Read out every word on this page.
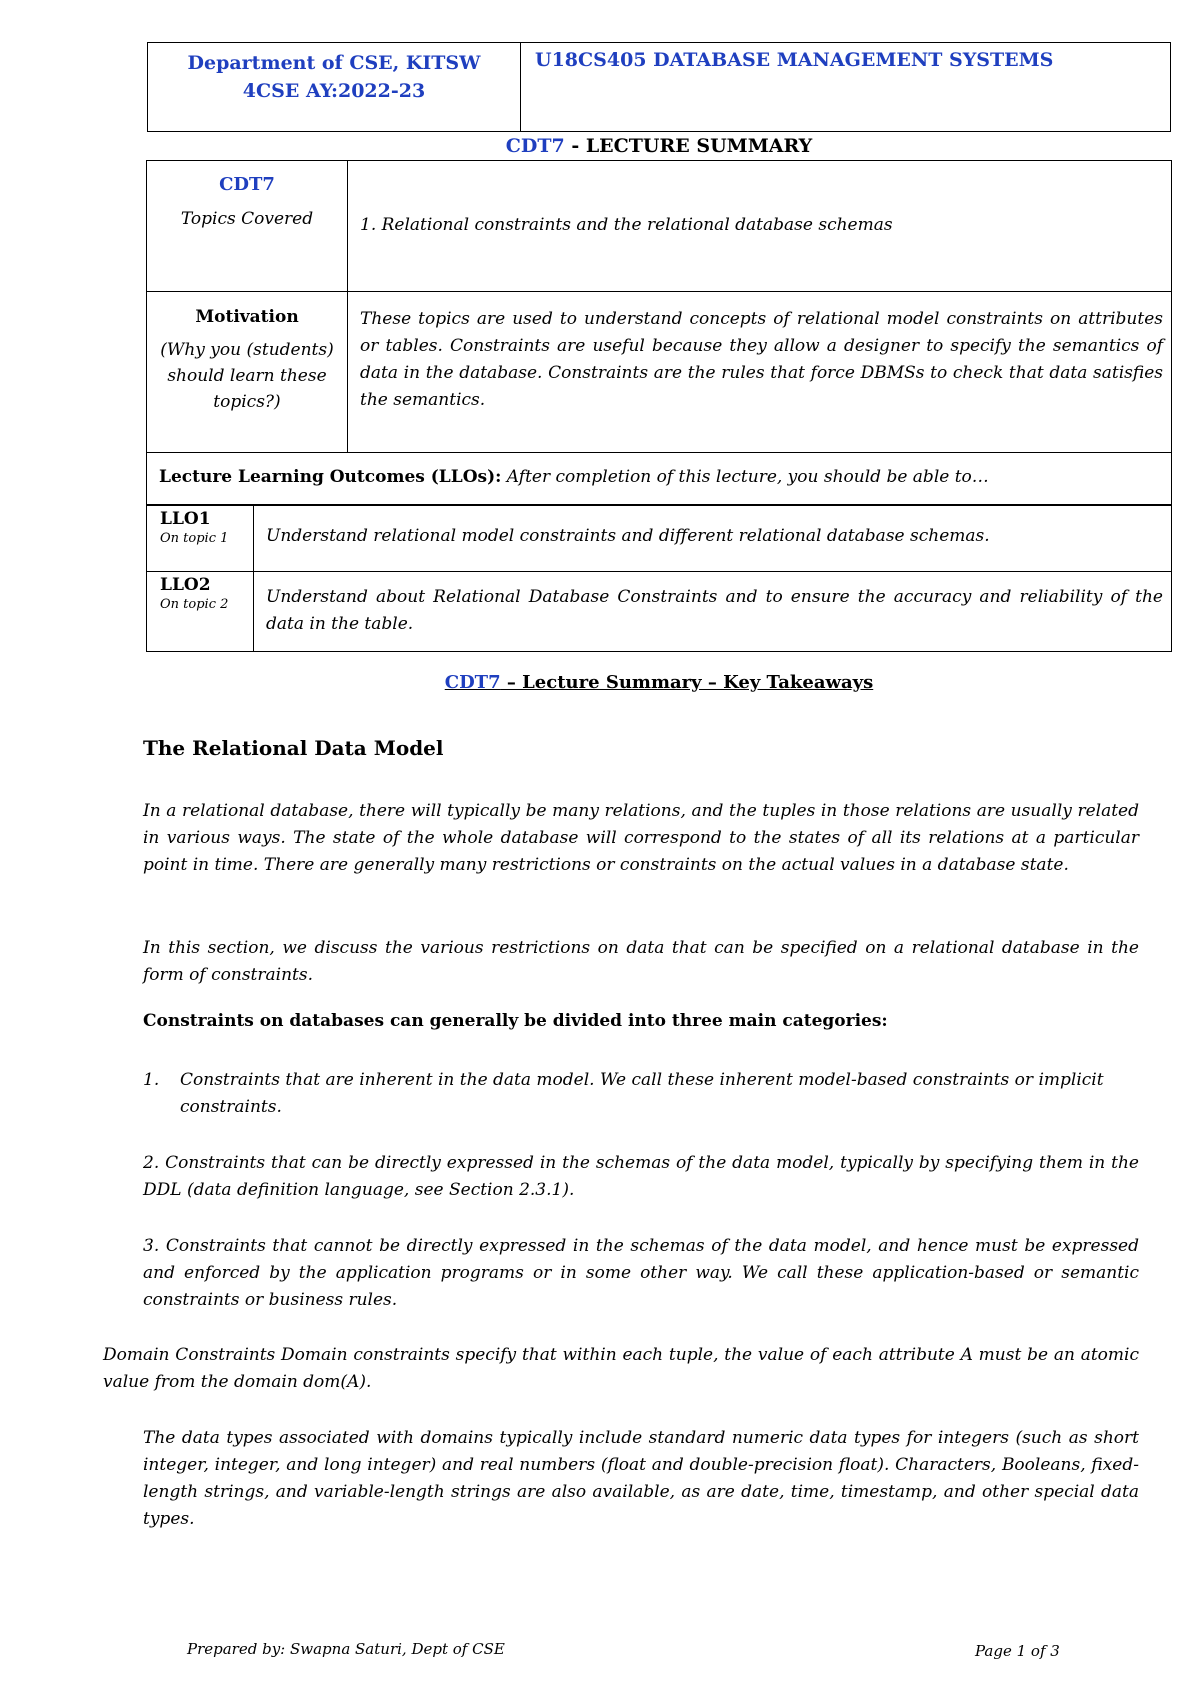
Department of CSE, KITSW
4CSE AY:2022-23
U18CS405 DATABASE MANAGEMENT SYSTEMS
CDT7 - LECTURE SUMMARY
CDT7
Topics Covered	1. Relational constraints and the relational database schemas

Motivation
(Why you (students) should learn these topics?)	These topics are used to understand concepts of relational model constraints on attributes or tables. Constraints are useful because they allow a designer to specify the semantics of data in the database. Constraints are the rules that force DBMSs to check that data satisfies the semantics.
Lecture Learning Outcomes (LLOs): After completion of this lecture, you should be able to…	
LLO1
On topic 1	Understand relational model constraints and different relational database schemas.

LLO2
On topic 2	Understand about Relational Database Constraints and to ensure the accuracy and reliability of the data in the table.
CDT7 – Lecture Summary – Key Takeaways
The Relational Data Model
In a relational database, there will typically be many relations, and the tuples in those relations are usually related in various ways. The state of the whole database will correspond to the states of all its relations at a particular point in time. There are generally many restrictions or constraints on the actual values in a database state.
In this section, we discuss the various restrictions on data that can be specified on a relational database in the form of constraints.
Constraints on databases can generally be divided into three main categories:
1.	Constraints that are inherent in the data model. We call these inherent model-based constraints or implicit constraints.
2. Constraints that can be directly expressed in the schemas of the data model, typically by specifying them in the DDL (data definition language, see Section 2.3.1).
3. Constraints that cannot be directly expressed in the schemas of the data model, and hence must be expressed and enforced by the application programs or in some other way. We call these application-based or semantic constraints or business rules.
Domain Constraints Domain constraints specify that within each tuple, the value of each attribute A must be an atomic value from the domain dom(A).
The data types associated with domains typically include standard numeric data types for integers (such as short integer, integer, and long integer) and real numbers (float and double-precision float). Characters, Booleans, fixed-length strings, and variable-length strings are also available, as are date, time, timestamp, and other special data types.
Prepared by: Swapna Saturi, Dept of CSE	Page 1 of 3
